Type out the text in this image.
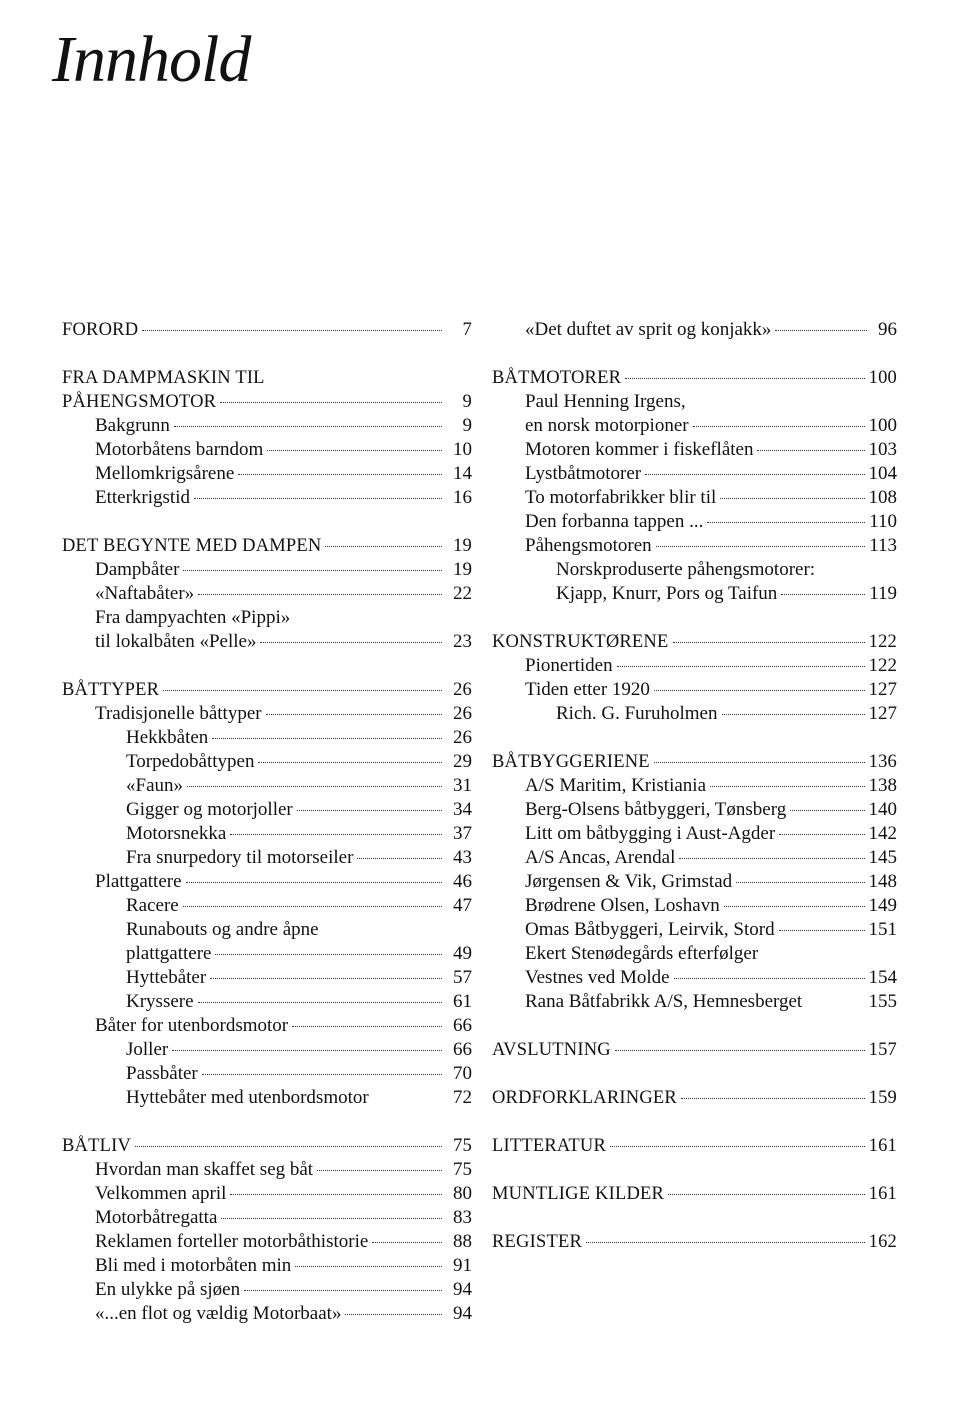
Innhold
FORORD	7
FRA DAMPMASKIN TIL
PÅHENGSMOTOR	9
Bakgrunn	9
Motorbåtens barndom	10
Mellomkrigsårene	14
Etterkrigstid	16
DET BEGYNTE MED DAMPEN	19
Dampbåter	19
«Naftabåter»	22
Fra dampyachten «Pippi»
til lokalbåten «Pelle»	23
BÅTTYPER	26
Tradisjonelle båttyper	26
Hekkbåten	26
Torpedobåttypen	29
«Faun»	31
Gigger og motorjoller	34
Motorsnekka	37
Fra snurpedory til motorseiler	43
Plattgattere	46
Racere	47
Runabouts og andre åpne
plattgattere	49
Hyttebåter	57
Kryssere	61
Båter for utenbordsmotor	66
Joller	66
Passbåter	70
Hyttebåter med utenbordsmotor	72
BÅTLIV	75
Hvordan man skaffet seg båt	75
Velkommen april	80
Motorbåtregatta	83
Reklamen forteller motorbåthistorie	88
Bli med i motorbåten min	91
En ulykke på sjøen	94
«...en flot og vældig Motorbaat»	94
«Det duftet av sprit og konjakk»	96
BÅTMOTORER	100
Paul Henning Irgens,
en norsk motorpioner	100
Motoren kommer i fiskeflåten	103
Lystbåtmotorer	104
To motorfabrikker blir til	108
Den forbanna tappen ...	110
Påhengsmotoren	113
Norskproduserte påhengsmotorer:
Kjapp, Knurr, Pors og Taifun	119
KONSTRUKTØRENE	122
Pionertiden	122
Tiden etter 1920	127
Rich. G. Furuholmen	127
BÅTBYGGERIENE	136
A/S Maritim, Kristiania	138
Berg-Olsens båtbyggeri, Tønsberg	140
Litt om båtbygging i Aust-Agder	142
A/S Ancas, Arendal	145
Jørgensen & Vik, Grimstad	148
Brødrene Olsen, Loshavn	149
Omas Båtbyggeri, Leirvik, Stord	151
Ekert Stenødegårds efterfølger
Vestnes ved Molde	154
Rana Båtfabrikk A/S, Hemnesberget	155
AVSLUTNING	157
ORDFORKLARINGER	159
LITTERATUR	161
MUNTLIGE KILDER	161
REGISTER	162
